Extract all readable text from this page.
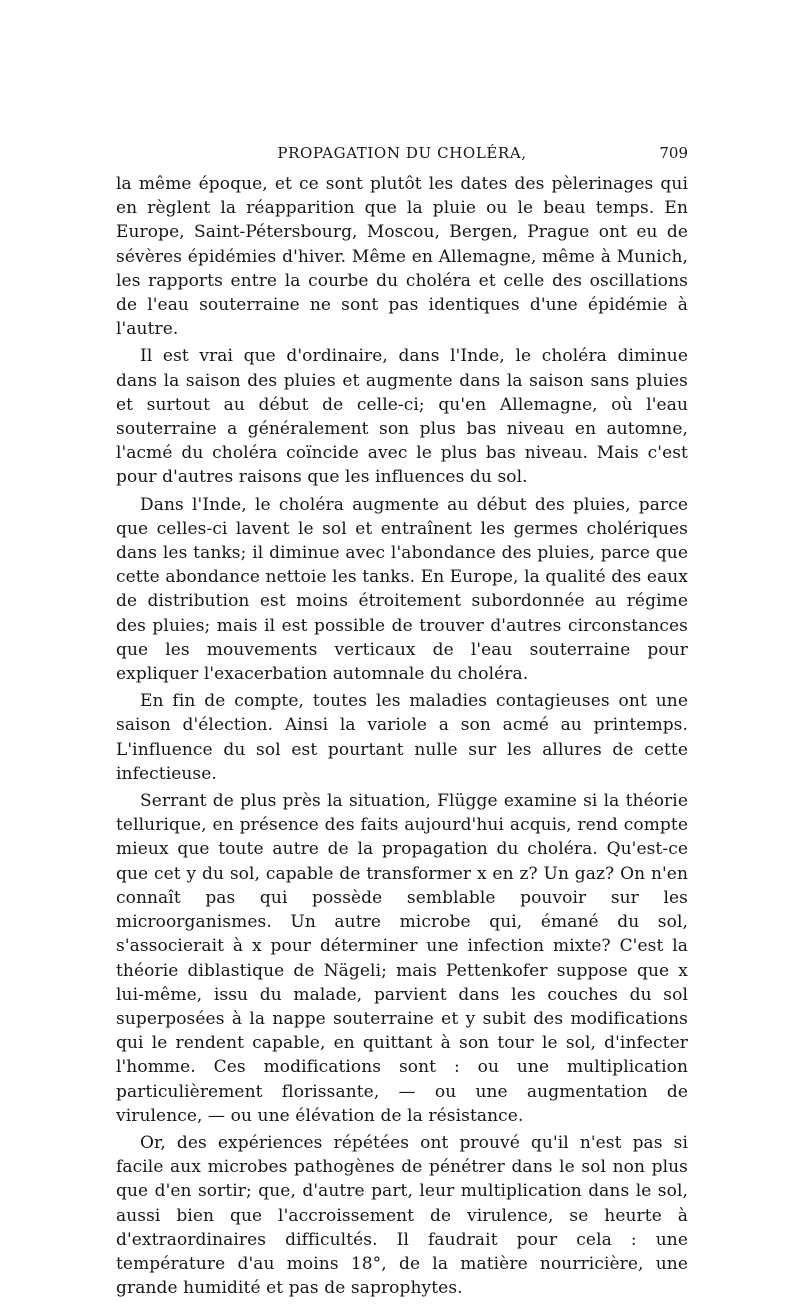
PROPAGATION DU CHOLÉRA,	709

la même époque, et ce sont plutôt les dates des pèlerinages qui en règlent la réapparition que la pluie ou le beau temps. En Europe, Saint-Pétersbourg, Moscou, Bergen, Prague ont eu de sévères épidémies d'hiver. Même en Allemagne, même à Munich, les rapports entre la courbe du choléra et celle des oscillations de l'eau souterraine ne sont pas identiques d'une épidémie à l'autre.

Il est vrai que d'ordinaire, dans l'Inde, le choléra diminue dans la saison des pluies et augmente dans la saison sans pluies et surtout au début de celle-ci; qu'en Allemagne, où l'eau souterraine a généralement son plus bas niveau en automne, l'acmé du choléra coïncide avec le plus bas niveau. Mais c'est pour d'autres raisons que les influences du sol.

Dans l'Inde, le choléra augmente au début des pluies, parce que celles-ci lavent le sol et entraînent les germes cholériques dans les tanks; il diminue avec l'abondance des pluies, parce que cette abondance nettoie les tanks. En Europe, la qualité des eaux de distribution est moins étroitement subordonnée au régime des pluies; mais il est possible de trouver d'autres circonstances que les mouvements verticaux de l'eau souterraine pour expliquer l'exacerbation automnale du choléra.

En fin de compte, toutes les maladies contagieuses ont une saison d'élection. Ainsi la variole a son acmé au printemps. L'influence du sol est pourtant nulle sur les allures de cette infectieuse.

Serrant de plus près la situation, Flügge examine si la théorie tellurique, en présence des faits aujourd'hui acquis, rend compte mieux que toute autre de la propagation du choléra. Qu'est-ce que cet y du sol, capable de transformer x en z? Un gaz? On n'en connaît pas qui possède semblable pouvoir sur les microorganismes. Un autre microbe qui, émané du sol, s'associerait à x pour déterminer une infection mixte? C'est la théorie diblastique de Nägeli; mais Pettenkofer suppose que x lui-même, issu du malade, parvient dans les couches du sol superposées à la nappe souterraine et y subit des modifications qui le rendent capable, en quittant à son tour le sol, d'infecter l'homme. Ces modifications sont : ou une multiplication particulièrement florissante, — ou une augmentation de virulence, — ou une élévation de la résistance.

Or, des expériences répétées ont prouvé qu'il n'est pas si facile aux microbes pathogènes de pénétrer dans le sol non plus que d'en sortir; que, d'autre part, leur multiplication dans le sol, aussi bien que l'accroissement de virulence, se heurte à d'extraordinaires difficultés. Il faudrait pour cela : une température d'au moins 18°, de la matière nourricière, une grande humidité et pas de saprophytes.
